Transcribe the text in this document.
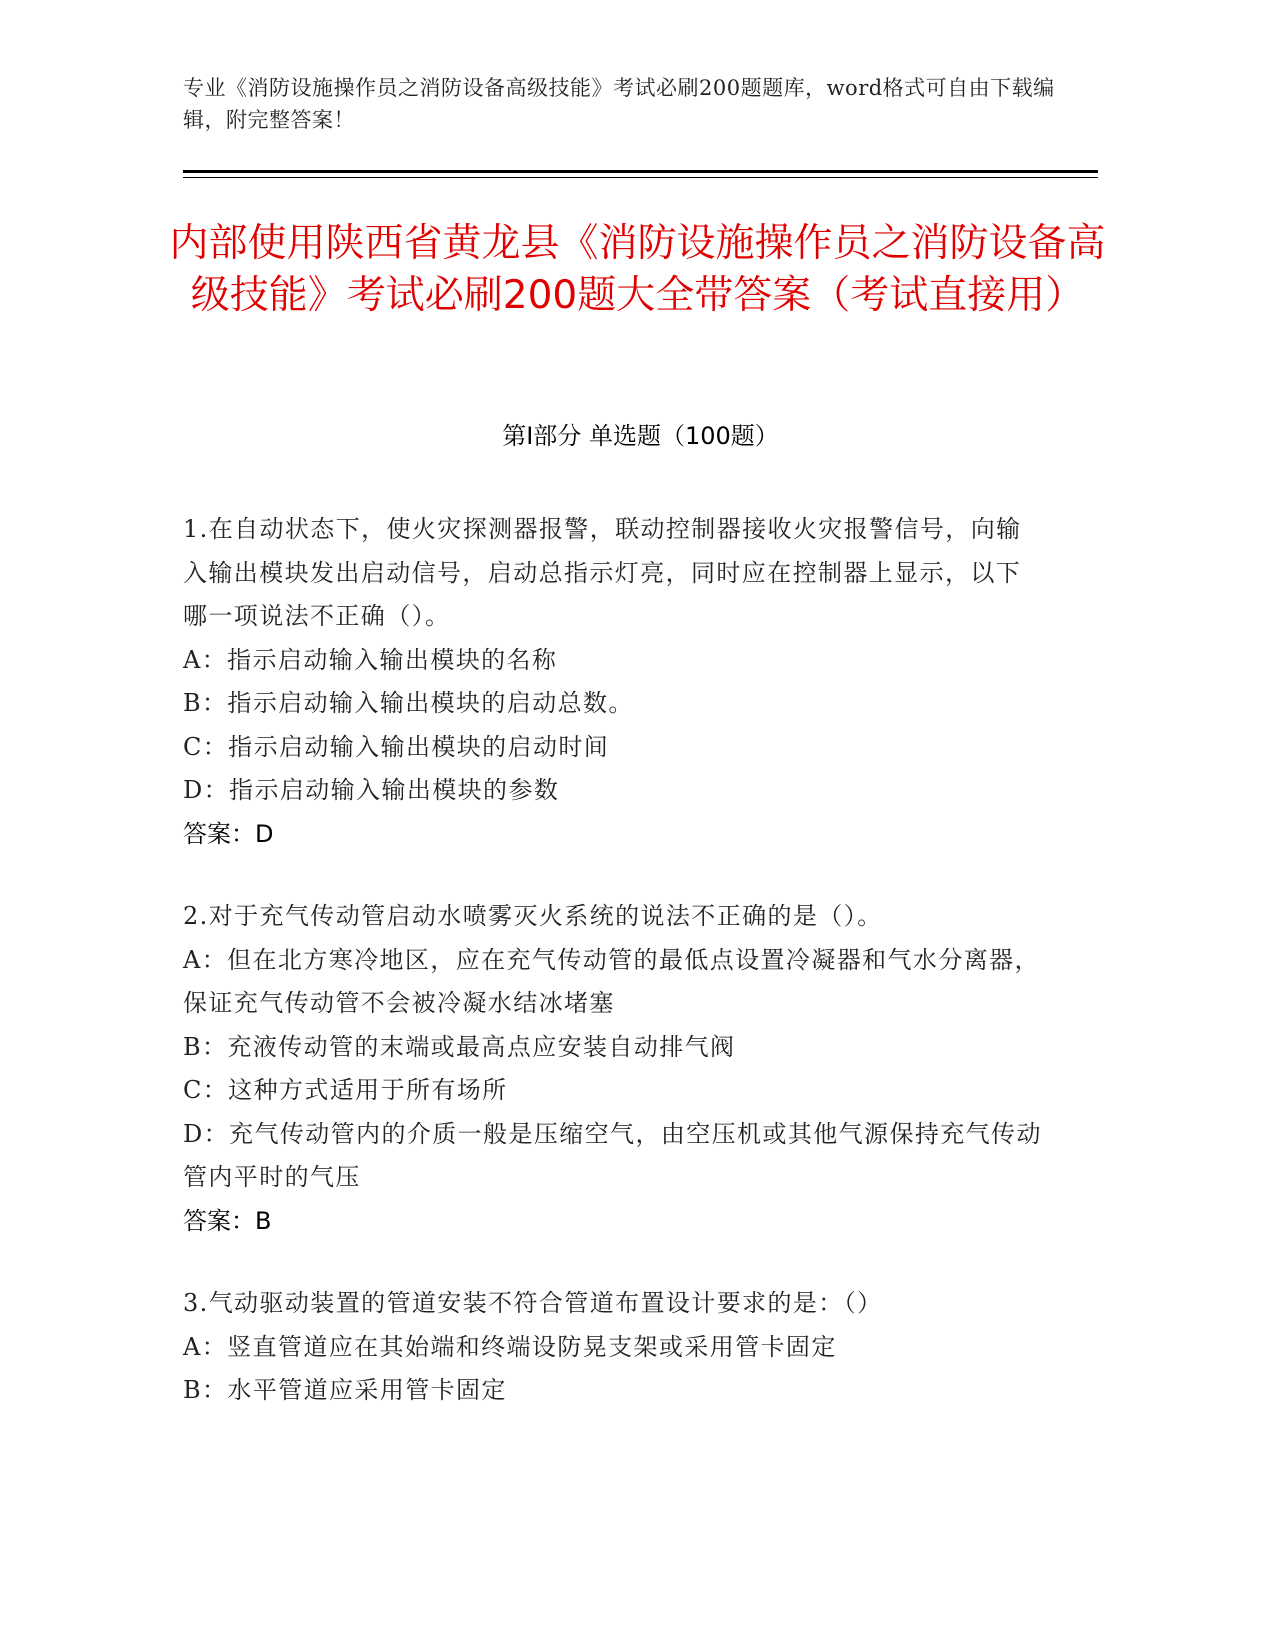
专业《消防设施操作员之消防设备高级技能》考试必刷200题题库，word格式可自由下载编辑，附完整答案！
内部使用陕西省黄龙县《消防设施操作员之消防设备高级技能》考试必刷200题大全带答案（考试直接用）
第I部分 单选题（100题）

1.在自动状态下，使火灾探测器报警，联动控制器接收火灾报警信号，向输入输出模块发出启动信号，启动总指示灯亮，同时应在控制器上显示，以下哪一项说法不正确（）。

A：指示启动输入输出模块的名称

B：指示启动输入输出模块的启动总数。

C：指示启动输入输出模块的启动时间

D：指示启动输入输出模块的参数

答案：D

2.对于充气传动管启动水喷雾灭火系统的说法不正确的是（）。

A：但在北方寒冷地区，应在充气传动管的最低点设置冷凝器和气水分离器，保证充气传动管不会被冷凝水结冰堵塞

B：充液传动管的末端或最高点应安装自动排气阀

C：这种方式适用于所有场所

D：充气传动管内的介质一般是压缩空气，由空压机或其他气源保持充气传动管内平时的气压

答案：B

3.气动驱动装置的管道安装不符合管道布置设计要求的是：（）

A：竖直管道应在其始端和终端设防晃支架或采用管卡固定

B：水平管道应采用管卡固定
